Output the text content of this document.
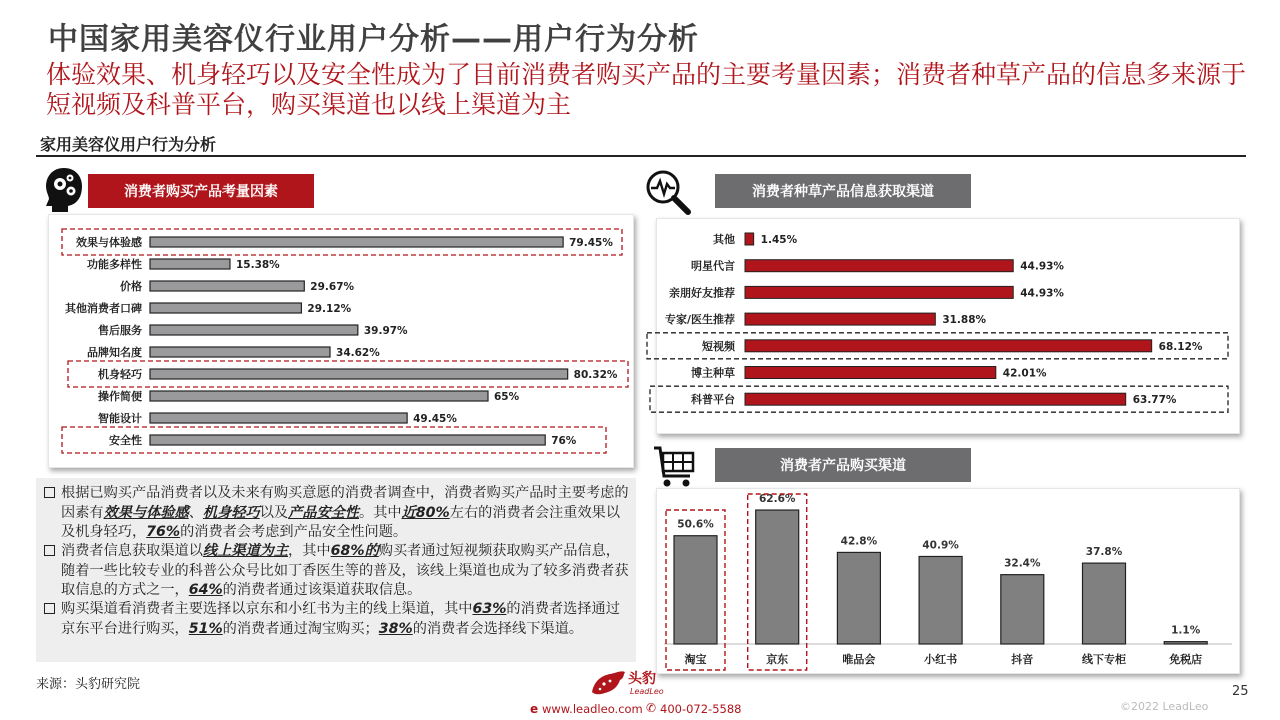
中国家用美容仪行业用户分析——用户行为分析
体验效果、机身轻巧以及安全性成为了目前消费者购买产品的主要考量因素；消费者种草产品的信息多来源于短视频及科普平台，购买渠道也以线上渠道为主
家用美容仪用户行为分析
消费者购买产品考量因素
效果与体验感	79.45%
功能多样性	15.38%
价格	29.67%
其他消费者口碑	29.12%
售后服务	39.97%
品牌知名度	34.62%
机身轻巧	80.32%
操作简便	65%
智能设计	49.45%
安全性	76%
消费者种草产品信息获取渠道
其他 1.45%
明星代言	44.93%
亲朋好友推荐	44.93%
专家/医生推荐	31.88%
短视频	68.12%
博主种草	42.01%
科普平台	63.77%
消费者产品购买渠道
50.6%
淘宝
62.6%
京东
42.8%
唯品会
40.9%
小红书
32.4%
抖音
37.8%
线下专柜
1.1%
免税店
根据已购买产品消费者以及未来有购买意愿的消费者调查中，消费者购买产品时主要考虑的因素有效果与体验感、机身轻巧以及产品安全性。其中近80%左右的消费者会注重效果以及机身轻巧，76%的消费者会考虑到产品安全性问题。
消费者信息获取渠道以线上渠道为主，其中68%的购买者通过短视频获取购买产品信息，随着一些比较专业的科普公众号比如丁香医生等的普及，该线上渠道也成为了较多消费者获取信息的方式之一，64%的消费者通过该渠道获取信息。
购买渠道看消费者主要选择以京东和小红书为主的线上渠道，其中63%的消费者选择通过京东平台进行购买，51%的消费者通过淘宝购买；38%的消费者会选择线下渠道。
来源：头豹研究院	25
©2022 LeadLeo
头豹
LeadLeo
e www.leadleo.com ✆ 400-072-5588
